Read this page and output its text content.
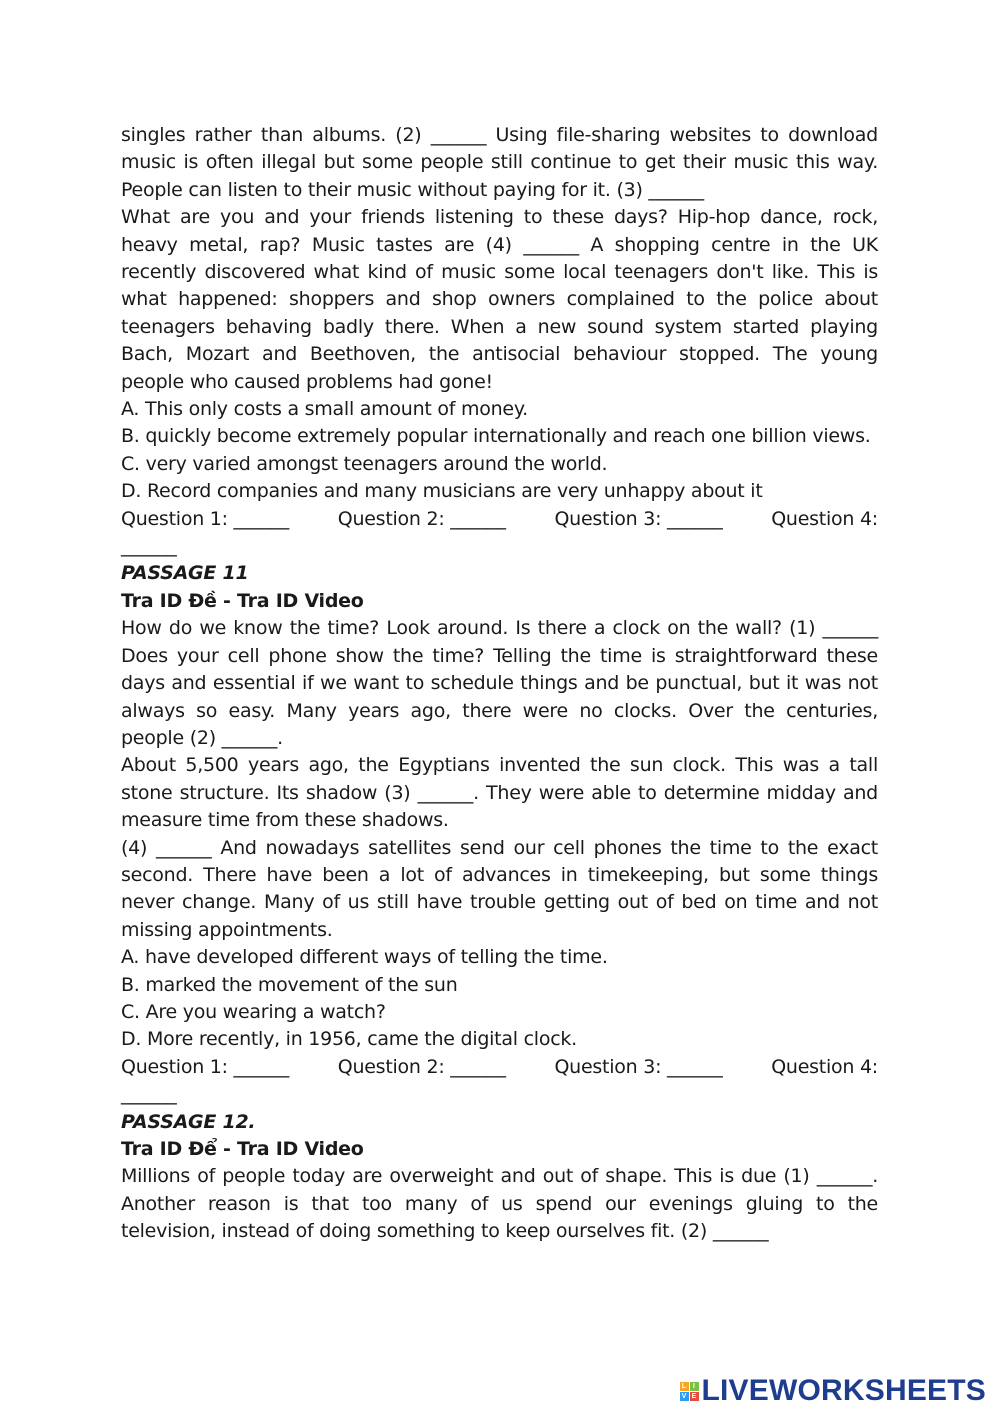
singles rather than albums. (2) ______ Using file-sharing websites to download music is often illegal but some people still continue to get their music this way. People can listen to their music without paying for it. (3) ______

What are you and your friends listening to these days? Hip-hop dance, rock, heavy metal, rap? Music tastes are (4) ______ A shopping centre in the UK recently discovered what kind of music some local teenagers don't like. This is what happened: shoppers and shop owners complained to the police about teenagers behaving badly there. When a new sound system started playing Bach, Mozart and Beethoven, the antisocial behaviour stopped. The young people who caused problems had gone!

A. This only costs a small amount of money.

B. quickly become extremely popular internationally and reach one billion views.

C. very varied amongst teenagers around the world.

D. Record companies and many musicians are very unhappy about it

Question 1: ______	Question 2: ______	Question 3: ______	Question 4:

______

PASSAGE 11

Tra ID Đề - Tra ID Video

How do we know the time? Look around. Is there a clock on the wall? (1) ______ Does your cell phone show the time? Telling the time is straightforward these days and essential if we want to schedule things and be punctual, but it was not always so easy. Many years ago, there were no clocks. Over the centuries, people (2) ______.

About 5,500 years ago, the Egyptians invented the sun clock. This was a tall stone structure. Its shadow (3) ______. They were able to determine midday and measure time from these shadows.

(4) ______ And nowadays satellites send our cell phones the time to the exact second. There have been a lot of advances in timekeeping, but some things never change. Many of us still have trouble getting out of bed on time and not missing appointments.

A. have developed different ways of telling the time.

B. marked the movement of the sun

C. Are you wearing a watch?

D. More recently, in 1956, came the digital clock.

Question 1: ______	Question 2: ______	Question 3: ______	Question 4:

______

PASSAGE 12.

Tra ID Để - Tra ID Video

Millions of people today are overweight and out of shape. This is due (1) ______. Another reason is that too many of us spend our evenings gluing to the television, instead of doing something to keep ourselves fit. (2) ______

L I
V E LIVEWORKSHEETS
